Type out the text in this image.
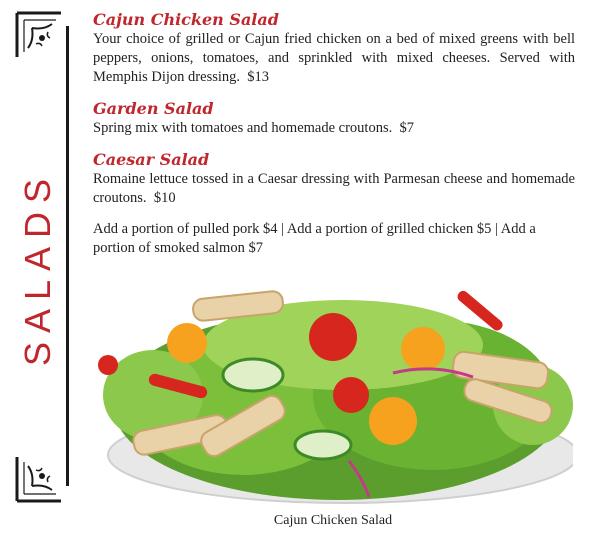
SALADS
Cajun Chicken Salad
Your choice of grilled or Cajun fried chicken on a bed of mixed greens with bell peppers, onions, tomatoes, and sprinkled with mixed cheeses. Served with Memphis Dijon dressing. $13
Garden Salad
Spring mix with tomatoes and homemade croutons. $7
Caesar Salad
Romaine lettuce tossed in a Caesar dressing with Parmesan cheese and homemade croutons. $10
Add a portion of pulled pork $4 | Add a portion of grilled chicken $5 | Add a portion of smoked salmon $7
Cajun Chicken Salad
